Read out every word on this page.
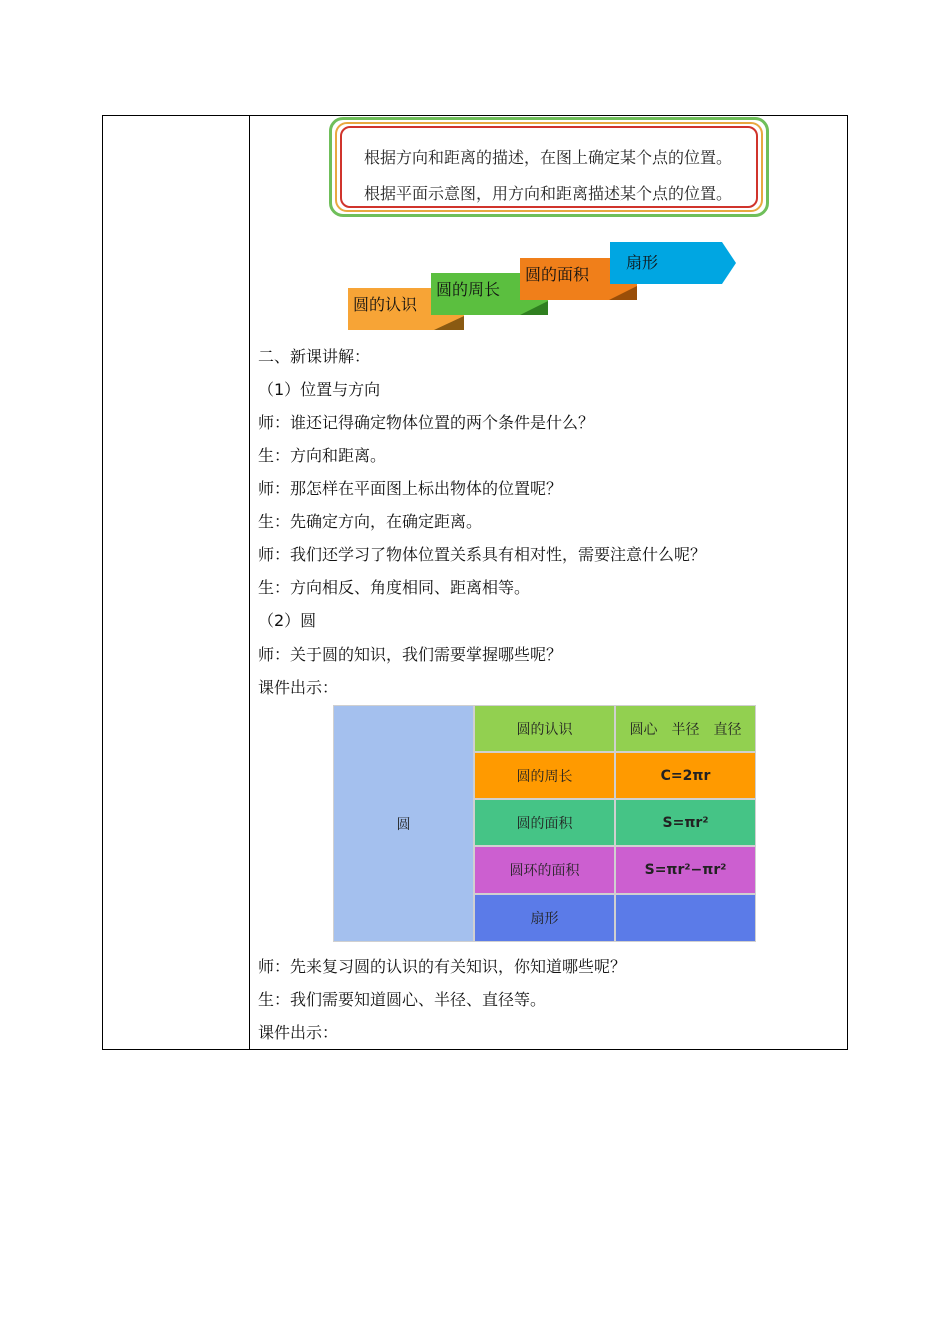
根据方向和距离的描述，在图上确定某个点的位置。
根据平面示意图，用方向和距离描述某个点的位置。
圆的认识
圆的周长
圆的面积
扇形
二、新课讲解：
（1）位置与方向
师：谁还记得确定物体位置的两个条件是什么？
生：方向和距离。
师：那怎样在平面图上标出物体的位置呢？
生：先确定方向，在确定距离。
师：我们还学习了物体位置关系具有相对性，需要注意什么呢？
生：方向相反、角度相同、距离相等。
（2）圆
师：关于圆的知识，我们需要掌握哪些呢？
课件出示：
圆
圆的认识	圆心　半径　直径
圆的周长	C=2πr
圆的面积	S=πr²
圆环的面积	S=πr²−πr²
扇形
师：先来复习圆的认识的有关知识，你知道哪些呢？
生：我们需要知道圆心、半径、直径等。
课件出示：
